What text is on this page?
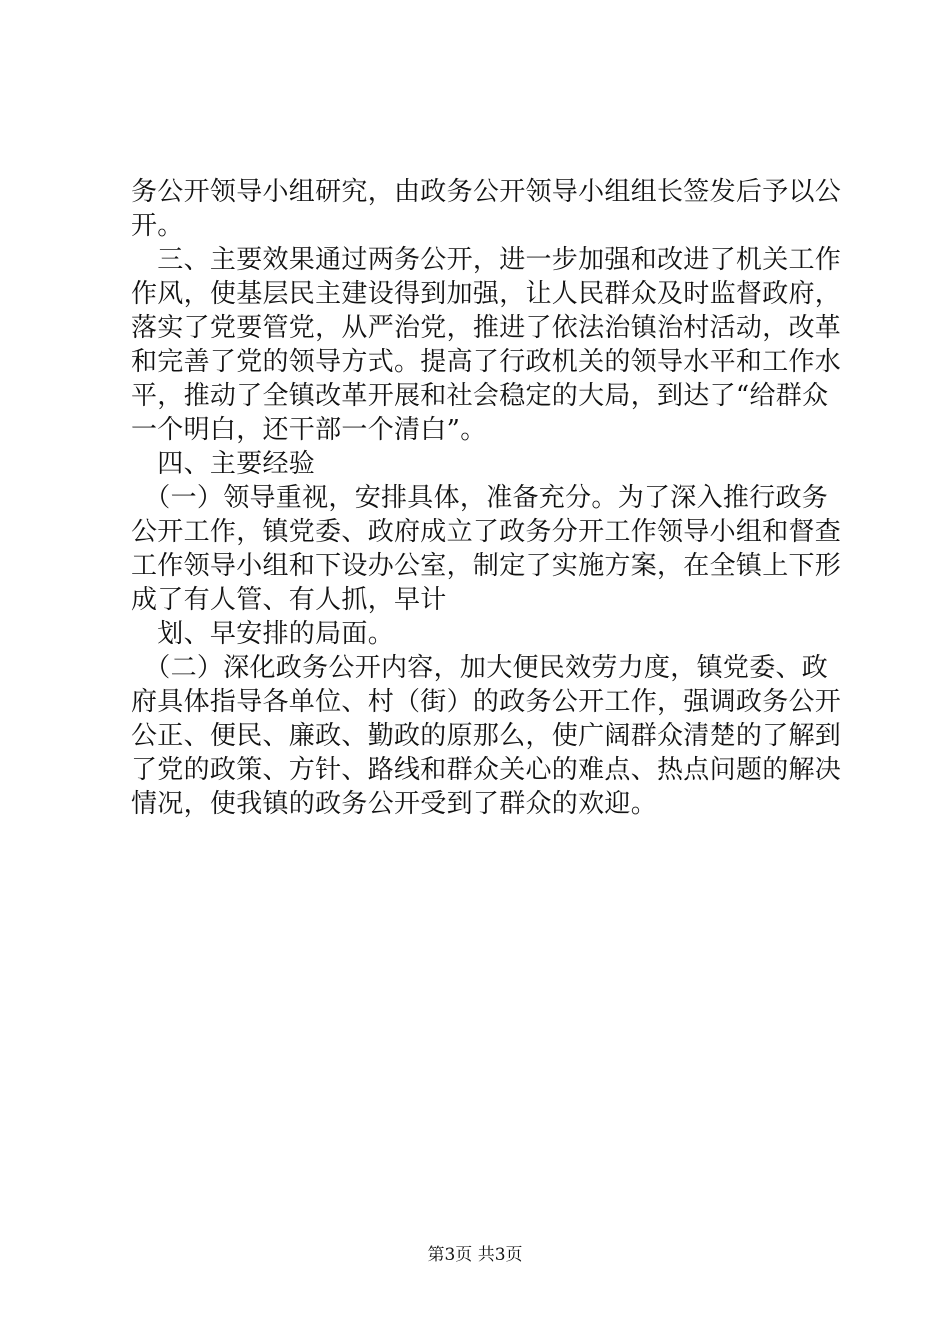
务公开领导小组研究，由政务公开领导小组组长签发后予以公
开。
　三、主要效果通过两务公开，进一步加强和改进了机关工作
作风，使基层民主建设得到加强，让人民群众及时监督政府，
落实了党要管党，从严治党，推进了依法治镇治村活动，改革
和完善了党的领导方式。提高了行政机关的领导水平和工作水
平，推动了全镇改革开展和社会稳定的大局，到达了“给群众
一个明白，还干部一个清白”。
　四、主要经验
　（一）领导重视，安排具体，准备充分。为了深入推行政务
公开工作，镇党委、政府成立了政务分开工作领导小组和督查
工作领导小组和下设办公室，制定了实施方案，在全镇上下形
成了有人管、有人抓，早计
　划、早安排的局面。
　（二）深化政务公开内容，加大便民效劳力度，镇党委、政
府具体指导各单位、村（街）的政务公开工作，强调政务公开
公正、便民、廉政、勤政的原那么，使广阔群众清楚的了解到
了党的政策、方针、路线和群众关心的难点、热点问题的解决
情况，使我镇的政务公开受到了群众的欢迎。
第3页 共3页
